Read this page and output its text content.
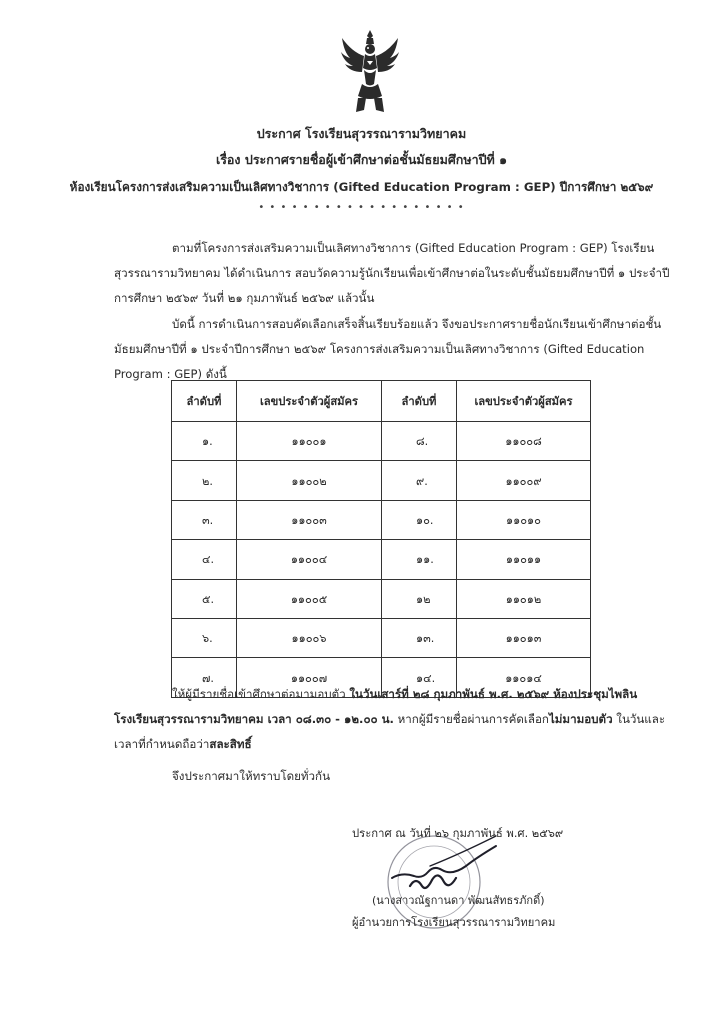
ประกาศ โรงเรียนสุวรรณารามวิทยาคม
เรื่อง ประกาศรายชื่อผู้เข้าศึกษาต่อชั้นมัธยมศึกษาปีที่ ๑
ห้องเรียนโครงการส่งเสริมความเป็นเลิศทางวิชาการ (Gifted Education Program : GEP) ปีการศึกษา ๒๕๖๙
• • • • • • • • • • • • • • • • • • •
ตามที่โครงการส่งเสริมความเป็นเลิศทางวิชาการ (Gifted Education Program : GEP) โรงเรียนสุวรรณารามวิทยาคม ได้ดำเนินการ สอบวัดความรู้นักเรียนเพื่อเข้าศึกษาต่อในระดับชั้นมัธยมศึกษาปีที่ ๑ ประจำปีการศึกษา ๒๕๖๙ วันที่ ๒๑ กุมภาพันธ์ ๒๕๖๙ แล้วนั้น
บัดนี้ การดำเนินการสอบคัดเลือกเสร็จสิ้นเรียบร้อยแล้ว จึงขอประกาศรายชื่อนักเรียนเข้าศึกษาต่อชั้นมัธยมศึกษาปีที่ ๑ ประจำปีการศึกษา ๒๕๖๙ โครงการส่งเสริมความเป็นเลิศทางวิชาการ (Gifted Education Program : GEP) ดังนี้
ลำดับที่	เลขประจำตัวผู้สมัคร	ลำดับที่	เลขประจำตัวผู้สมัคร
๑.	๑๑๐๐๑	๘.	๑๑๐๐๘
๒.	๑๑๐๐๒	๙.	๑๑๐๐๙
๓.	๑๑๐๐๓	๑๐.	๑๑๐๑๐
๔.	๑๑๐๐๔	๑๑.	๑๑๐๑๑
๕.	๑๑๐๐๕	๑๒	๑๑๐๑๒
๖.	๑๑๐๐๖	๑๓.	๑๑๐๑๓
๗.	๑๑๐๐๗	๑๔.	๑๑๐๑๔
ให้ผู้มีรายชื่อเข้าศึกษาต่อมามอบตัว ในวันเสาร์ที่ ๒๘ กุมภาพันธ์ พ.ศ. ๒๕๖๙ ห้องประชุมไพลิน โรงเรียนสุวรรณารามวิทยาคม เวลา ๐๘.๓๐ - ๑๒.๐๐ น. หากผู้มีรายชื่อผ่านการคัดเลือกไม่มามอบตัว ในวันและเวลาที่กำหนดถือว่าสละสิทธิ์
จึงประกาศมาให้ทราบโดยทั่วกัน
ประกาศ ณ วันที่ ๒๖ กุมภาพันธ์ พ.ศ. ๒๕๖๙
(นางสาวณัฐกานดา พัฒนสัทธรภักดิ์)
ผู้อำนวยการโรงเรียนสุวรรณารามวิทยาคม
